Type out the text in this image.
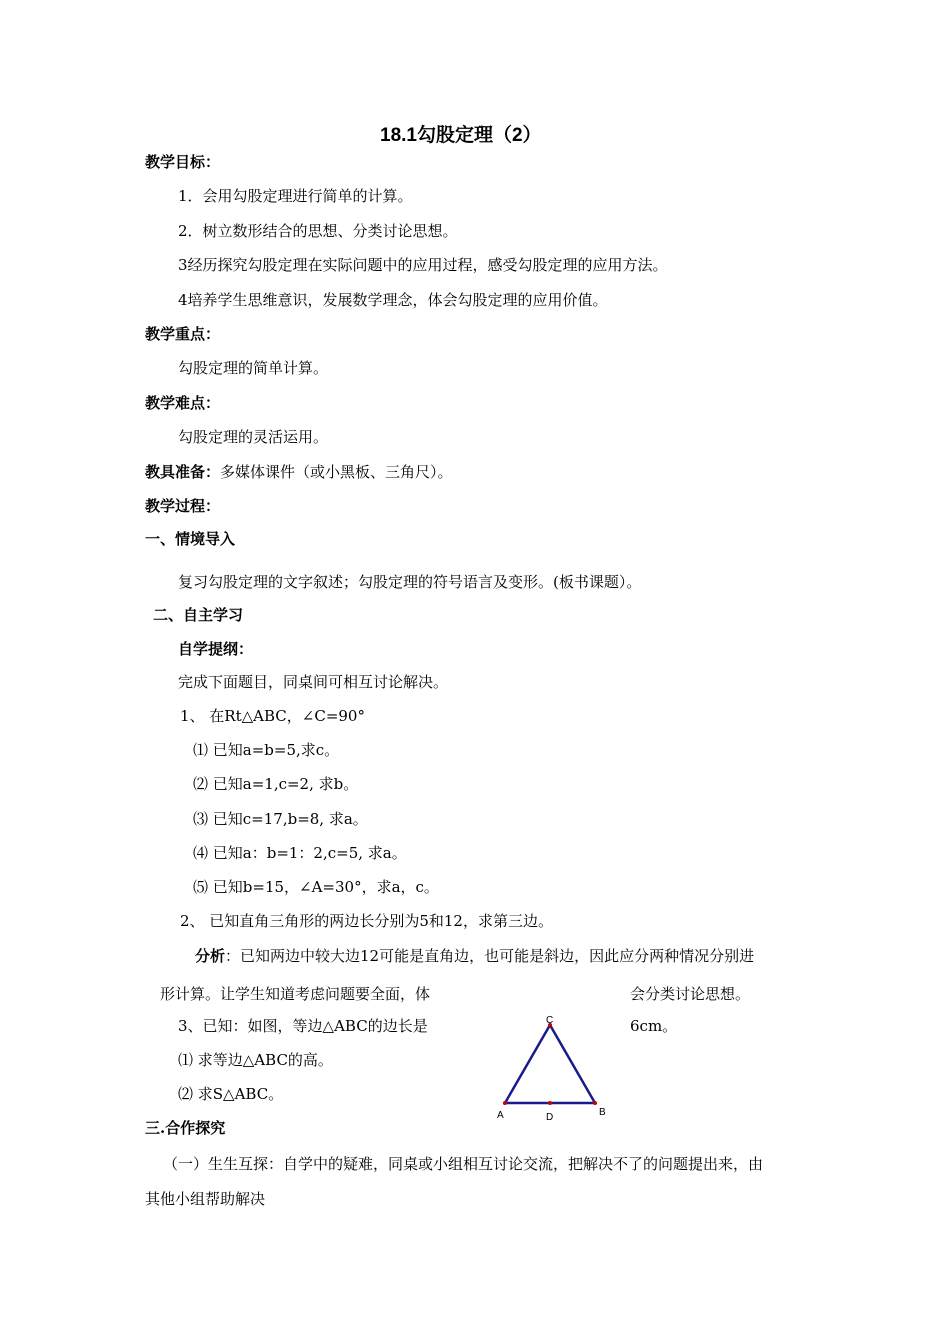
18.1勾股定理（2）
教学目标：
1．会用勾股定理进行简单的计算。
2．树立数形结合的思想、分类讨论思想。
3经历探究勾股定理在实际问题中的应用过程，感受勾股定理的应用方法。
4培养学生思维意识，发展数学理念，体会勾股定理的应用价值。
教学重点：
勾股定理的简单计算。
教学难点：
勾股定理的灵活运用。
教具准备：多媒体课件（或小黑板、三角尺）。
教学过程：
一、情境导入
复习勾股定理的文字叙述；勾股定理的符号语言及变形。(板书课题）。
二、自主学习
自学提纲：
完成下面题目，同桌间可相互讨论解决。
1、 在Rt△ABC，∠C=90°
⑴ 已知a=b=5,求c。
⑵ 已知a=1,c=2, 求b。
⑶ 已知c=17,b=8, 求a。
⑷ 已知a：b=1：2,c=5, 求a。
⑸ 已知b=15，∠A=30°，求a，c。
2、 已知直角三角形的两边长分别为5和12，求第三边。
分析：已知两边中较大边12可能是直角边，也可能是斜边，因此应分两种情况分别进
形计算。让学生知道考虑问题要全面，体	会分类讨论思想。
3、已知：如图，等边△ABC的边长是	6cm。
⑴ 求等边△ABC的高。
⑵ 求S△ABC。
C
A	D	B
三.合作探究
（一）生生互探：自学中的疑难，同桌或小组相互讨论交流，把解决不了的问题提出来，由
其他小组帮助解决
